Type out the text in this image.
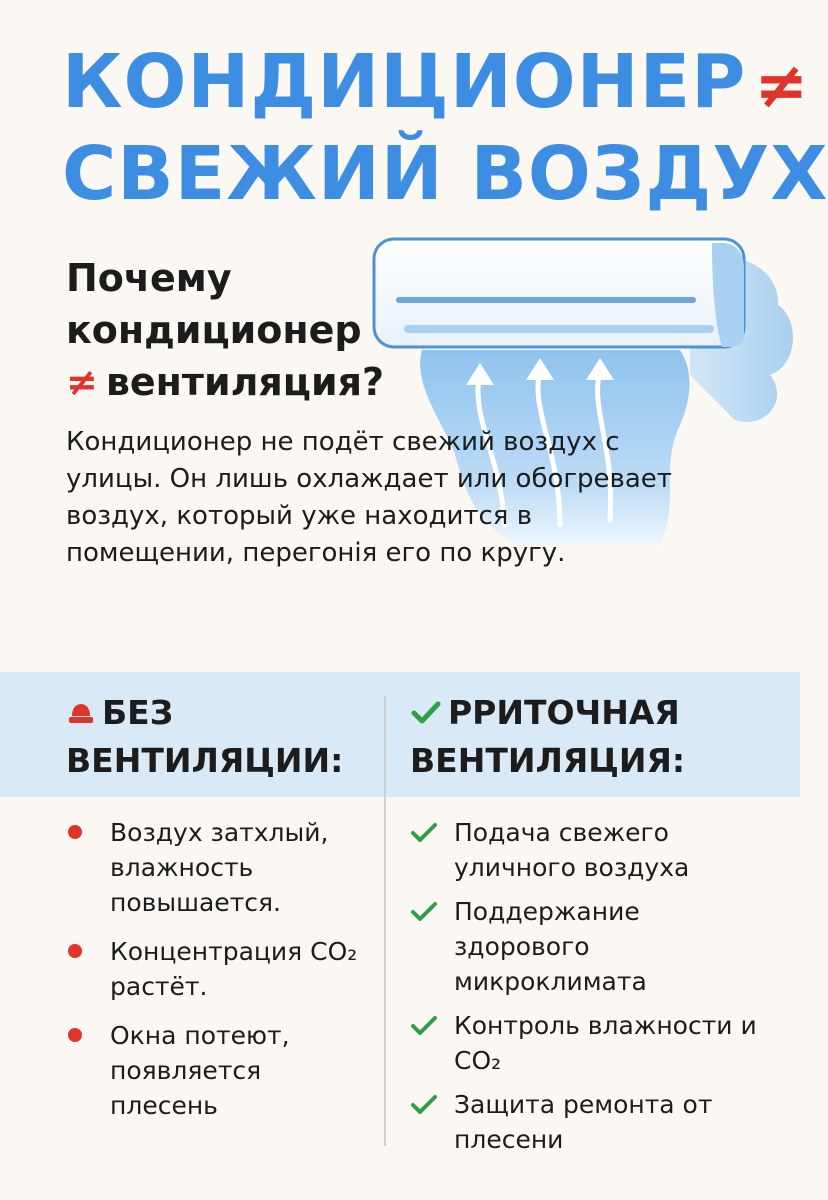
КОНДИЦИОНЕР ≠
СВЕЖИЙ ВОЗДУХ
Почему
кондиционер
≠ вентиляция?

Кондиционер не подёт свежий воздух с улицы. Он лишь охлаждает или обогревает воздух, который уже находится в помещении, перегонія его по кругу.

БЕЗ
ВЕНТИЛЯЦИИ:
РРИТОЧНАЯ
ВЕНТИЛЯЦИЯ:
Воздух затхлый, влажность повышается.
Концентрация CO₂ растёт.
Окна потеют, появляется плесень
Подача свежего уличного воздуха
Поддержание здорового микроклимата
Контроль влажности и CO₂
Защита ремонта от плесени
